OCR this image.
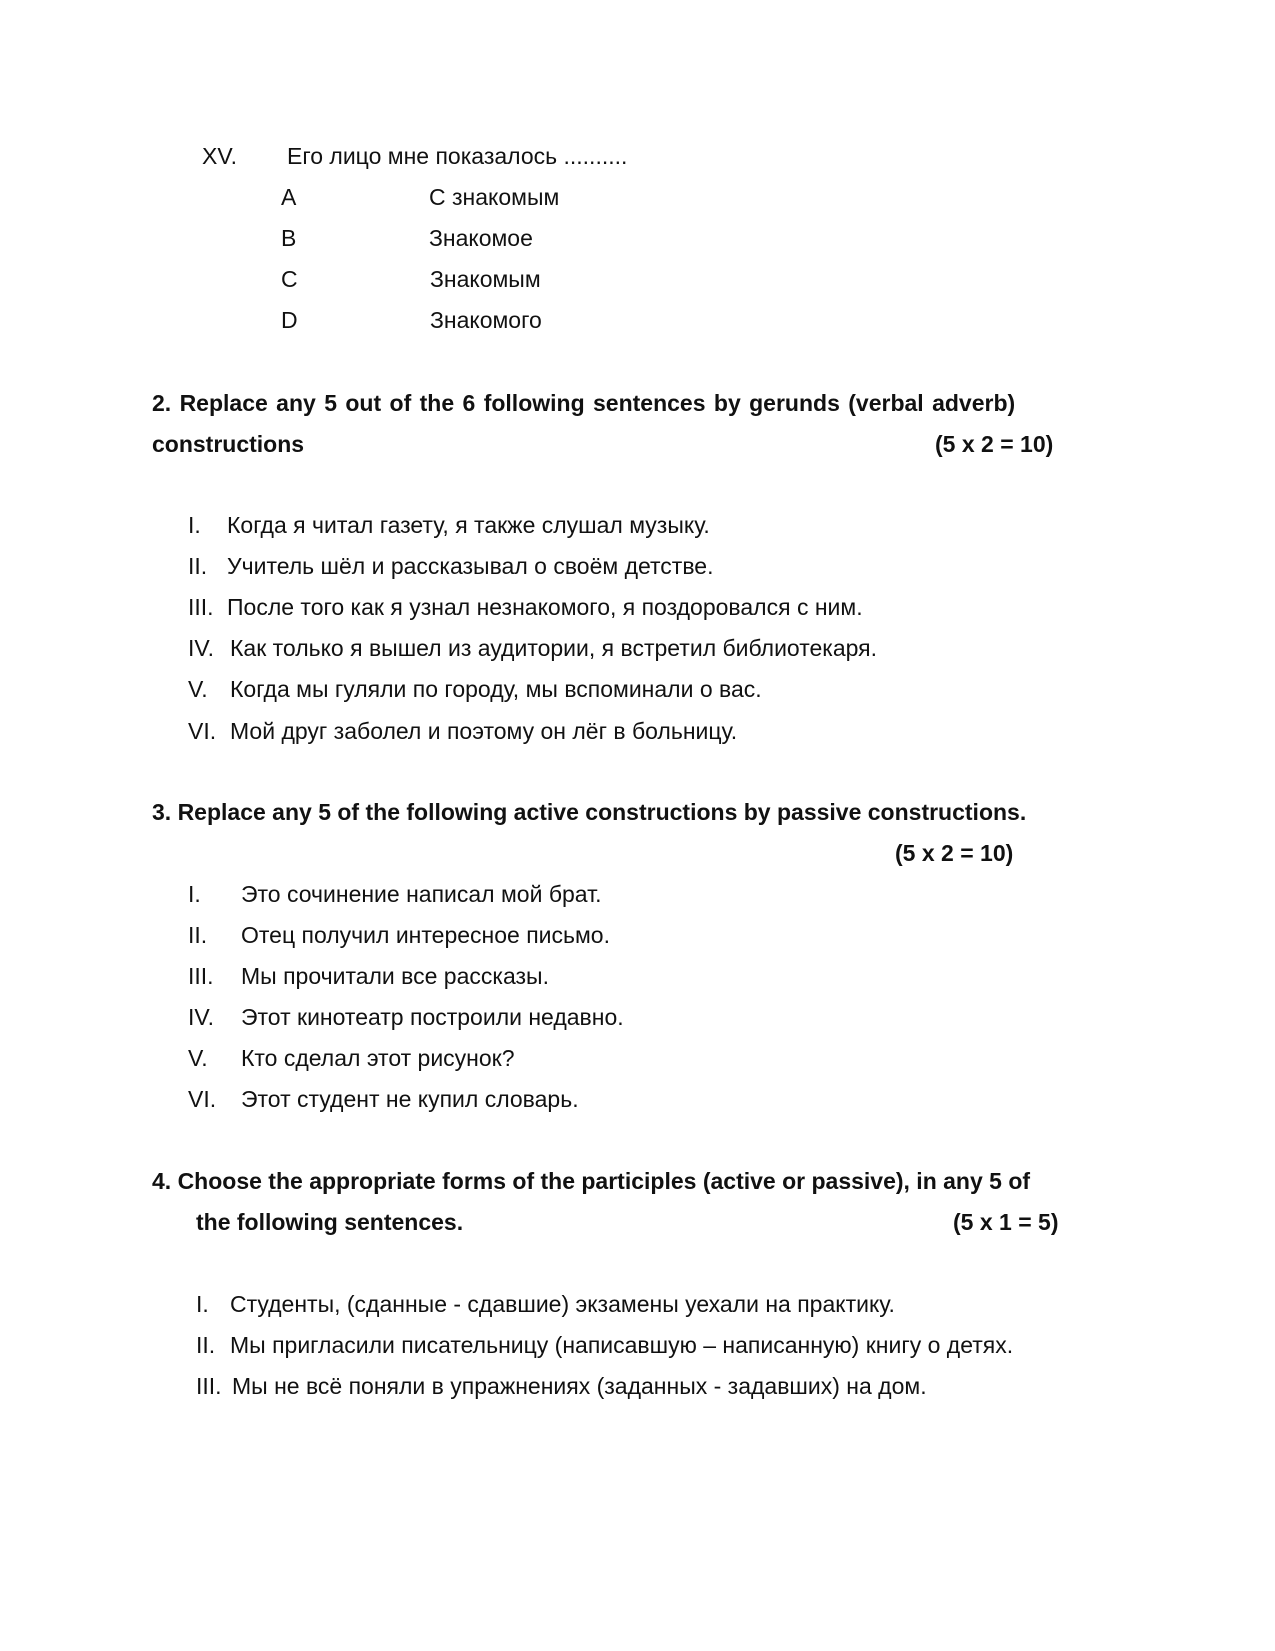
XV. Его лицо мне показалось ..........
A	С знакомым
B	Знакомое
C	Знакомым
D	Знакомого
2. Replace any 5 out of the 6 following sentences by gerunds (verbal adverb)
constructions	(5 x 2 = 10)
I. Когда я читал газету, я также слушал музыку.
II. Учитель шёл и рассказывал о своём детстве.
III. После того как я узнал незнакомого, я поздоровался с ним.
IV. Как только я вышел из аудитории, я встретил библиотекаря.
V. Когда мы гуляли по городу, мы вспоминали о вас.
VI. Мой друг заболел и поэтому он лёг в больницу.
3. Replace any 5 of the following active constructions by passive constructions.
(5 x 2 = 10)
I. Это сочинение написал мой брат.
II. Отец получил интересное письмо.
III. Мы прочитали все рассказы.
IV. Этот кинотеатр построили недавно.
V. Кто сделал этот рисунок?
VI. Этот студент не купил словарь.
4. Choose the appropriate forms of the participles (active or passive), in any 5 of
the following sentences.	(5 x 1 = 5)
I. Студенты, (сданные - сдавшие) экзамены уехали на практику.
II. Мы пригласили писательницу (написавшую – написанную) книгу о детях.
III. Мы не всё поняли в упражнениях (заданных - задавших) на дом.
